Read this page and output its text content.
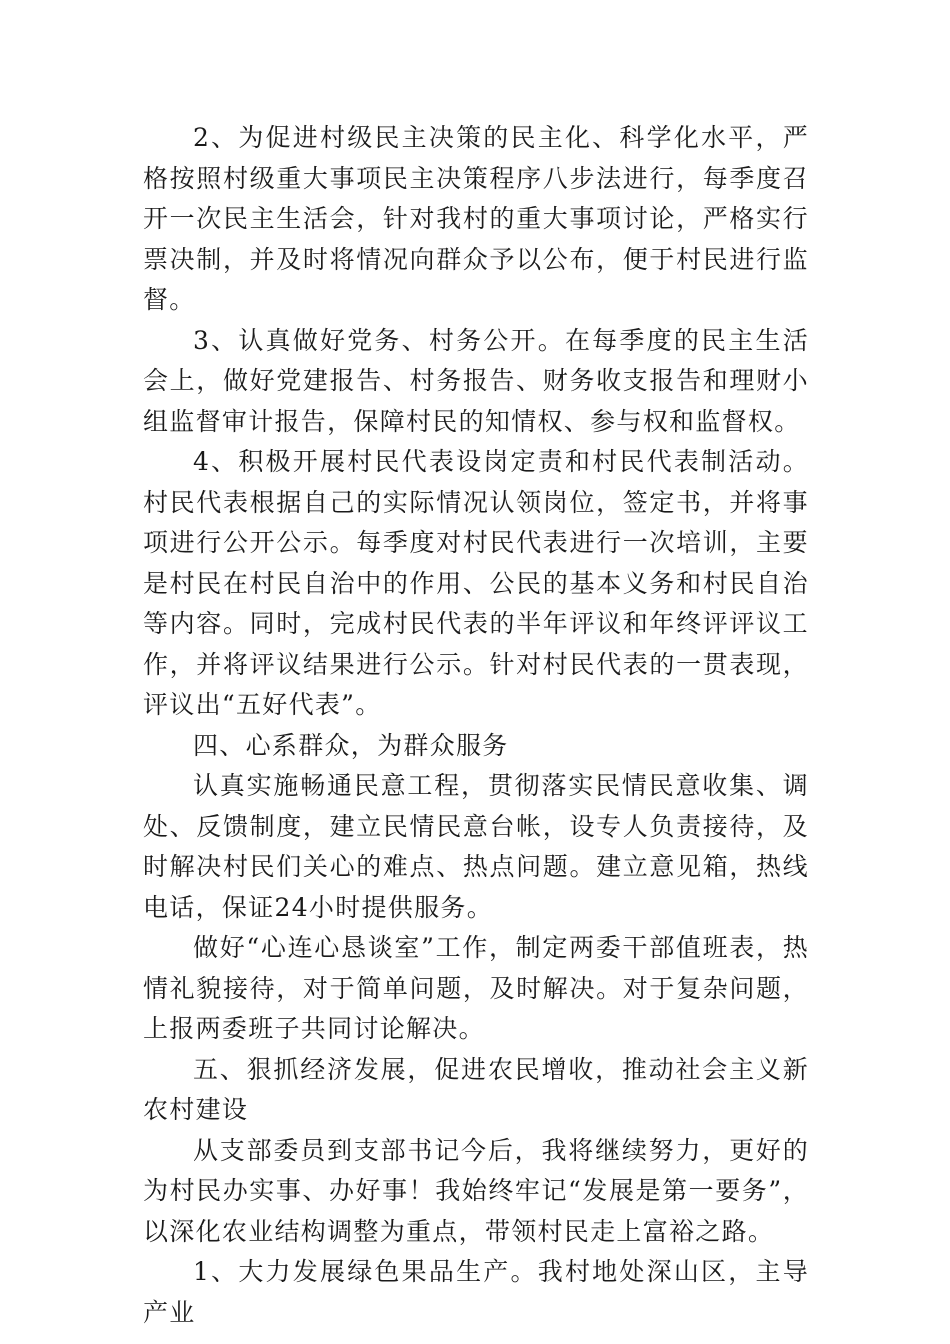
2、为促进村级民主决策的民主化、科学化水平，严格按照村级重大事项民主决策程序八步法进行，每季度召开一次民主生活会，针对我村的重大事项讨论，严格实行票决制，并及时将情况向群众予以公布，便于村民进行监督。

3、认真做好党务、村务公开。在每季度的民主生活会上，做好党建报告、村务报告、财务收支报告和理财小组监督审计报告，保障村民的知情权、参与权和监督权。

4、积极开展村民代表设岗定责和村民代表制活动。村民代表根据自己的实际情况认领岗位，签定书，并将事项进行公开公示。每季度对村民代表进行一次培训，主要是村民在村民自治中的作用、公民的基本义务和村民自治等内容。同时，完成村民代表的半年评议和年终评评议工作，并将评议结果进行公示。针对村民代表的一贯表现，评议出“五好代表”。

四、心系群众，为群众服务

认真实施畅通民意工程，贯彻落实民情民意收集、调处、反馈制度，建立民情民意台帐，设专人负责接待，及时解决村民们关心的难点、热点问题。建立意见箱，热线电话，保证24小时提供服务。

做好“心连心恳谈室”工作，制定两委干部值班表，热情礼貌接待，对于简单问题，及时解决。对于复杂问题，上报两委班子共同讨论解决。

五、狠抓经济发展，促进农民增收，推动社会主义新农村建设

从支部委员到支部书记今后，我将继续努力，更好的为村民办实事、办好事！我始终牢记“发展是第一要务”，以深化农业结构调整为重点，带领村民走上富裕之路。

1、大力发展绿色果品生产。我村地处深山区，主导产业
